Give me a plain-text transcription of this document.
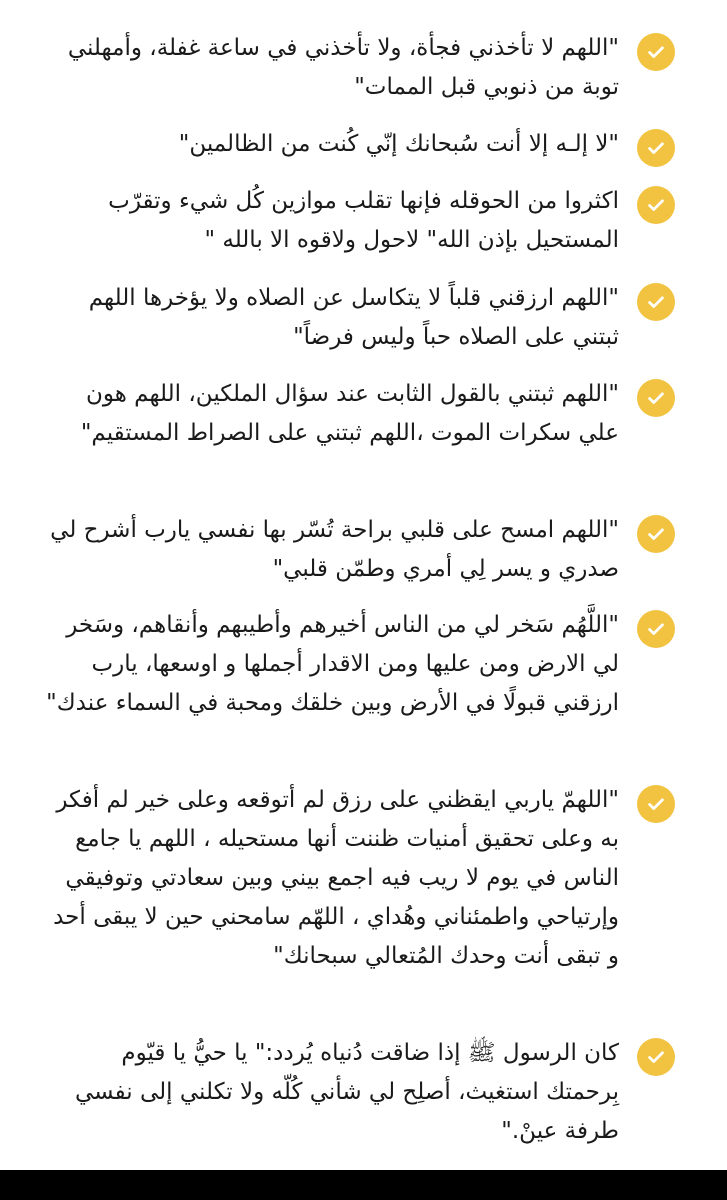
"اللهم لا تأخذني فجأة، ولا تأخذني في ساعة غفلة، وأمهلني توبة من ذنوبي قبل الممات"
"لا إلـه إلا أنت سُبحانك إنّي كُنت من الظالمين"
اكثروا من الحوقله فإنها تقلب موازين كُل شيء وتقرّب المستحيل بإذن الله" لاحول ولاقوه الا بالله "
"اللهم ارزقني قلباً لا يتكاسل عن الصلاه ولا يؤخرها اللهم ثبتني على الصلاه حباً وليس فرضاً"
"اللهم ثبتني بالقول الثابت عند سؤال الملكين، اللهم هون علي سكرات الموت ،اللهم ثبتني على الصراط المستقيم"
"اللهم امسح على قلبي براحة تُسّر بها نفسي يارب أشرح لي صدري و يسر لِي أمري وطمّن قلبي"
"اللَّهُم سَخر لي من الناس أخيرهم وأطيبهم وأنقاهم، وسَخر لي الارض ومن عليها ومن الاقدار أجملها و اوسعها، يارب ارزقني قبولًا في الأرض وبين خلقك ومحبة في السماء عندك"
"اللهمّ ياربي ايقظني على رزق لم أتوقعه وعلى خير لم أفكر به وعلى تحقيق أمنيات ظننت أنها مستحيله ، اللهم يا جامع الناس في يوم لا ريب فيه اجمع بيني وبين سعادتي وتوفيقي وإرتياحي واطمئناني وهُداي ، اللهّم سامحني حين لا يبقى أحد و تبقى أنت وحدك المُتعالي سبحانك"
كان الرسول ﷺ إذا ضاقت دُنياه يُردد:" يا حيُّ يا قيّوم بِرحمتك استغيث، أصلِح لي شأني كُلّه ولا تكلني إلى نفسي طرفة عينْ."
